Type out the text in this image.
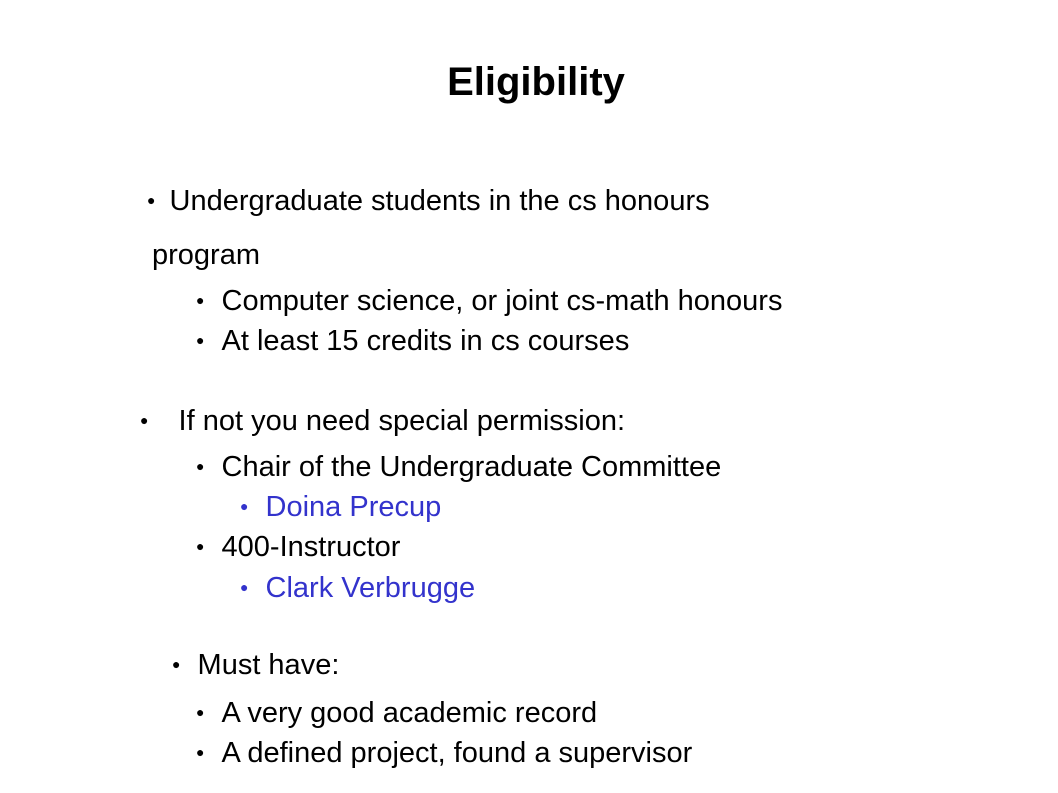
Eligibility
● Undergraduate students in the cs honours
program
● Computer science, or joint cs-math honours
● At least 15 credits in cs courses
● If not you need special permission:
● Chair of the Undergraduate Committee
● Doina Precup
● 400-Instructor
● Clark Verbrugge
● Must have:
● A very good academic record
● A defined project, found a supervisor
